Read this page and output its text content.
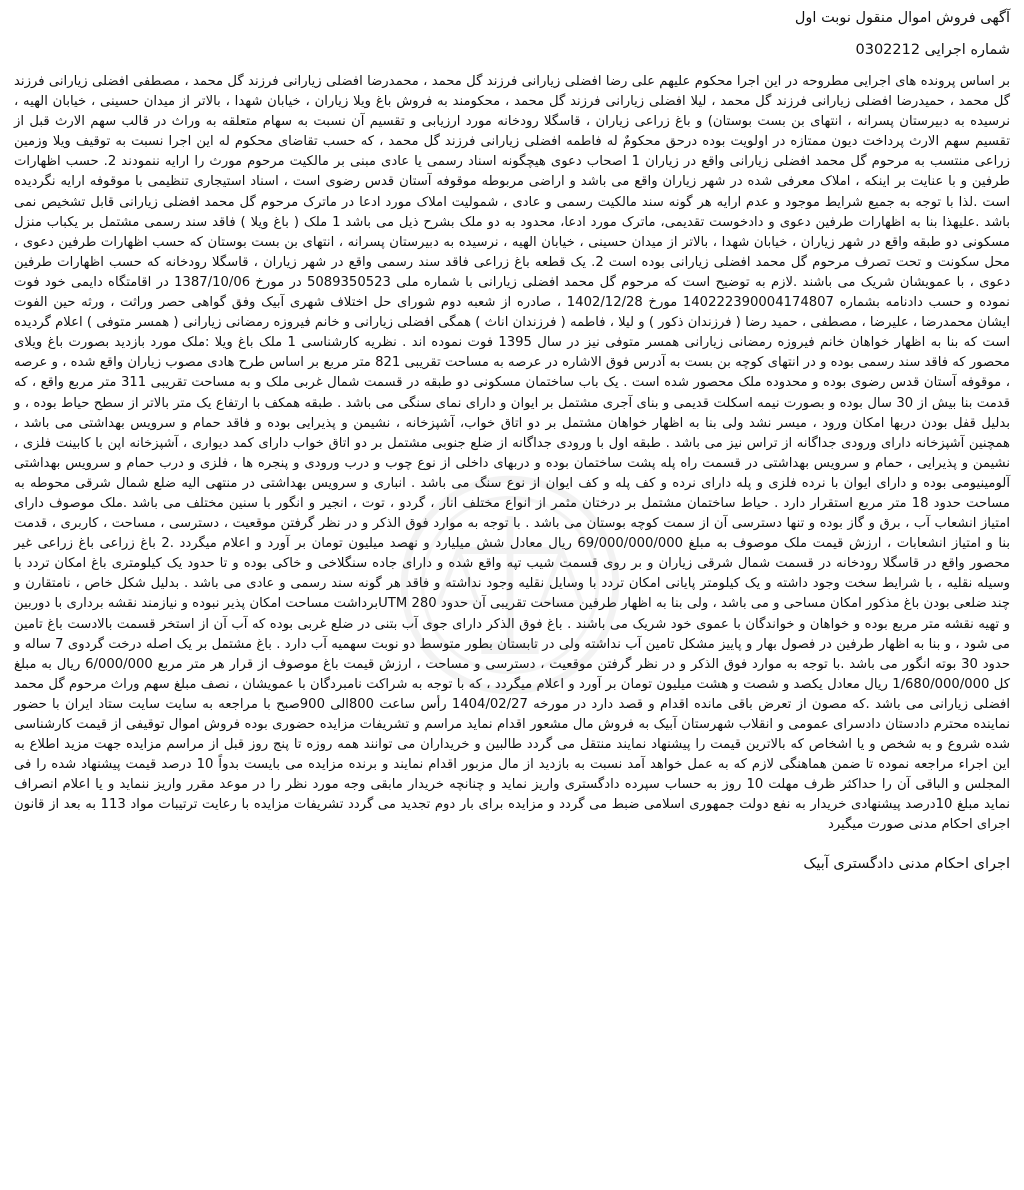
آگهی فروش اموال منقول نوبت اول
شماره اجرایی 0302212

بر اساس پرونده های اجرایی مطروحه در این اجرا محکوم علیهم علی رضا افضلی زیارانی فرزند گل محمد ، محمدرضا افضلی زیارانی فرزند گل محمد ، مصطفی افضلی زیارانی فرزند گل محمد ، حمیدرضا افضلی زیارانی فرزند گل محمد ، لیلا افضلی زیارانی فرزند گل محمد ، محکومند به فروش باغ ویلا زیاران ، خیابان شهدا ، بالاتر از میدان حسینی ، خیابان الهیه ، نرسیده به دبیرستان پسرانه ، انتهای بن بست بوستان) و باغ زراعی زیاران ، قاسگلا رودخانه مورد ارزیابی و تقسیم آن نسبت به سهام متعلقه به وراث در قالب سهم الارث قبل از تقسیم سهم الارث پرداخت دیون ممتازه در اولویت بوده درحق محکومٌ له فاطمه افضلی زیارانی فرزند گل محمد ، که حسب تقاضای محکوم له این اجرا نسبت به توقیف ویلا وزمین زراعی منتسب به مرحوم گل محمد افضلی زیارانی واقع در زیاران 1 اصحاب دعوی هیچگونه اسناد رسمی یا عادی مبنی بر مالکیت مرحوم مورث را ارایه ننمودند 2. حسب اظهارات طرفین و با عنایت بر اینکه ، املاک معرفی شده در شهر زیاران واقع می باشد و اراضی مربوطه موقوفه آستان قدس رضوی است ، اسناد استیجاری تنظیمی با موقوفه ارایه نگردیده است .لذا با توجه به جمیع شرایط موجود و عدم ارایه هر گونه سند مالکیت رسمی و عادی ، شمولیت املاک مورد ادعا در ماترک مرحوم گل محمد افضلی زیارانی قابل تشخیص نمی باشد .علیهذا بنا به اظهارات طرفین دعوی و دادخوست تقدیمی، ماترک مورد ادعا، محدود به دو ملک بشرح ذیل می باشد 1 ملک ( باغ ویلا ) فاقد سند رسمی مشتمل بر یکباب منزل مسکونی دو طبقه واقع در شهر زیاران ، خیابان شهدا ، بالاتر از میدان حسینی ، خیابان الهیه ، نرسیده به دبیرستان پسرانه ، انتهای بن بست بوستان که حسب اظهارات طرفین دعوی ، محل سکونت و تحت تصرف مرحوم گل محمد افضلی زیارانی بوده است 2. یک قطعه باغ زراعی فاقد سند رسمی واقع در شهر زیاران ، قاسگلا رودخانه که حسب اظهارات طرفین دعوی ، با عمویشان شریک می باشند .لازم به توضیح است که مرحوم گل محمد افضلی زیارانی با شماره ملی 5089350523 در مورخ 1387/10/06 در اقامتگاه دایمی خود فوت نموده و حسب دادنامه بشماره 140222390004174807 مورخ 1402/12/28 ، صادره از شعبه دوم شورای حل اختلاف شهری آبیک وفق گواهی حصر وراثت ، ورثه حین الفوت ایشان محمدرضا ، علیرضا ، مصطفی ، حمید رضا ( فرزندان ذکور ) و لیلا ، فاطمه ( فرزندان اناث ) همگی افضلی زیارانی و خانم فیروزه رمضانی زیارانی ( همسر متوفی ) اعلام گردیده است که بنا به اظهار خواهان خانم فیروزه رمضانی زیارانی همسر متوفی نیز در سال 1395 فوت نموده اند . نظریه کارشناسی 1 ملک باغ ویلا :ملک مورد بازدید بصورت باغ ویلای محصور که فاقد سند رسمی بوده و در انتهای کوچه بن بست به آدرس فوق الاشاره در عرصه به مساحت تقریبی 821 متر مربع بر اساس طرح هادی مصوب زیاران واقع شده ، و عرصه ، موقوفه آستان قدس رضوی بوده و محدوده ملک محصور شده است . یک باب ساختمان مسکونی دو طبقه در قسمت شمال غربی ملک و به مساحت تقریبی 311 متر مربع واقع ، که قدمت بنا بیش از 30 سال بوده و بصورت نیمه اسکلت قدیمی و بنای آجری مشتمل بر ایوان و دارای نمای سنگی می باشد . طبقه همکف با ارتفاع یک متر بالاتر از سطح حیاط بوده ، و بدلیل قفل بودن دربها امکان ورود ، میسر نشد ولی بنا به اظهار خواهان مشتمل بر دو اتاق خواب، آشپزخانه ، نشیمن و پذیرایی بوده و فاقد حمام و سرویس بهداشتی می باشد ، همچنین آشپزخانه دارای ورودی جداگانه از تراس نیز می باشد . طبقه اول با ورودی جداگانه از ضلع جنوبی مشتمل بر دو اتاق خواب دارای کمد دیواری ، آشپزخانه اپن با کابینت فلزی ، نشیمن و پذیرایی ، حمام و سرویس بهداشتی در قسمت راه پله پشت ساختمان بوده و دربهای داخلی از نوع چوب و درب ورودی و پنجره ها ، فلزی و درب حمام و سرویس بهداشتی آلومینیومی بوده و دارای ایوان با نرده فلزی و پله دارای نرده و کف پله و کف ایوان از نوع سنگ می باشد . انباری و سرویس بهداشتی در منتهی الیه ضلع شمال شرقی محوطه به مساحت حدود 18 متر مربع استقرار دارد . حیاط ساختمان مشتمل بر درختان مثمر از انواع مختلف انار ، گردو ، توت ، انجیر و انگور با سنین مختلف می باشد .ملک موصوف دارای امتیاز انشعاب آب ، برق و گاز بوده و تنها دسترسی آن از سمت کوچه بوستان می باشد . با توجه به موارد فوق الذکر و در نظر گرفتن موقعیت ، دسترسی ، مساحت ، کاربری ، قدمت بنا و امتیاز انشعابات ، ارزش قیمت ملک موصوف به مبلغ 69/000/000/000 ریال معادل شش میلیارد و نهصد میلیون تومان بر آورد و اعلام میگردد .2 باغ زراعی باغ زراعی غیر محصور واقع در قاسگلا رودخانه در قسمت شمال شرقی زیاران و بر روی قسمت شیب تپه واقع شده و دارای جاده سنگلاخی و خاکی بوده و تا حدود یک کیلومتری باغ امکان تردد با وسیله نقلیه ، با شرایط سخت وجود داشته و یک کیلومتر پایانی امکان تردد با وسایل نقلیه وجود نداشته و فاقد هر گونه سند رسمی و عادی می باشد . بدلیل شکل خاص ، نامتقارن و چند ضلعی بودن باغ مذکور امکان مساحی و می باشد ، ولی بنا به اظهار طرفین مساحت تقریبی آن حدود 280 UTMبرداشت مساحت امکان پذیر نبوده و نیازمند نقشه برداری با دوربین و تهیه نقشه متر مربع بوده و خواهان و خواندگان با عموی خود شریک می باشند . باغ فوق الذکر دارای جوی آب بتنی در ضلع غربی بوده که آب آن از استخر قسمت بالادست باغ تامین می شود ، و بنا به اظهار طرفین در فصول بهار و پاییز مشکل تامین آب نداشته ولی در تابستان بطور متوسط دو نوبت سهمیه آب دارد . باغ مشتمل بر یک اصله درخت گردوی 7 ساله و حدود 30 بوته انگور می باشد .با توجه به موارد فوق الذکر و در نظر گرفتن موقعیت ، دسترسی و مساحت ، ارزش قیمت باغ موصوف از قرار هر متر مربع 6/000/000 ریال به مبلغ کل 1/680/000/000 ریال معادل یکصد و شصت و هشت میلیون تومان بر آورد و اعلام میگردد ، که با توجه به شراکت نامبردگان با عمویشان ، نصف مبلغ سهم وراث مرحوم گل محمد افضلی زیارانی می باشد .که مصون از تعرض باقی مانده اقدام و قصد دارد در مورخه 1404/02/27 رأس ساعت 800الی 900صبح با مراجعه به سایت سایت ستاد ایران با حضور نماینده محترم دادستان دادسرای عمومی و انقلاب شهرستان آبیک به فروش مال مشعور اقدام نماید مراسم و تشریفات مزایده حضوری بوده فروش اموال توقیفی از قیمت کارشناسی شده شروع و به شخص و یا اشخاص که بالاترین قیمت را پیشنهاد نمایند منتقل می گردد طالبین و خریداران می توانند همه روزه تا پنج روز قبل از مراسم مزایده جهت مزید اطلاع به این اجراء مراجعه نموده تا ضمن هماهنگی لازم که به عمل خواهد آمد نسبت به بازدید از مال مزبور اقدام نمایند و برنده مزایده می بایست بدواً 10 درصد قیمت پیشنهاد شده را فی المجلس و الباقی آن را حداکثر ظرف مهلت 10 روز به حساب سپرده دادگستری واریز نماید و چنانچه خریدار مابقی وجه مورد نظر را در موعد مقرر واریز ننماید و یا اعلام انصراف نماید مبلغ 10درصد پیشنهادی خریدار به نفع دولت جمهوری اسلامی ضبط می گردد و مزایده برای بار دوم تجدید می گردد تشریفات مزایده با رعایت ترتیبات مواد 113 به بعد از قانون اجرای احکام مدنی صورت میگیرد

اجرای احکام مدنی دادگستری آبیک
